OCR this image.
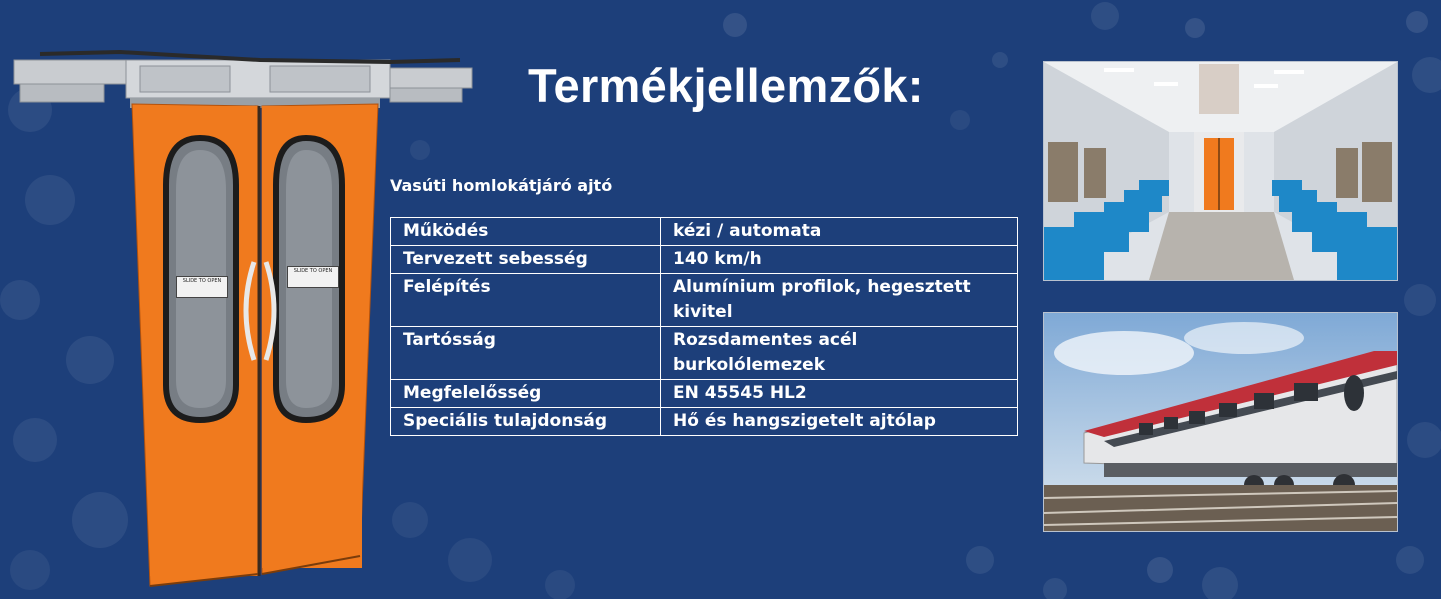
SLIDE TO OPEN
SLIDE TO OPEN
Termékjellemzők:
Vasúti homlokátjáró ajtó
Működés	kézi / automata
Tervezett sebesség	140 km/h
Felépítés	Alumínium profilok, hegesztett kivitel
Tartósság	Rozsdamentes acél burkolólemezek
Megfelelősség	EN 45545 HL2
Speciális tulajdonság	Hő és hangszigetelt ajtólap
